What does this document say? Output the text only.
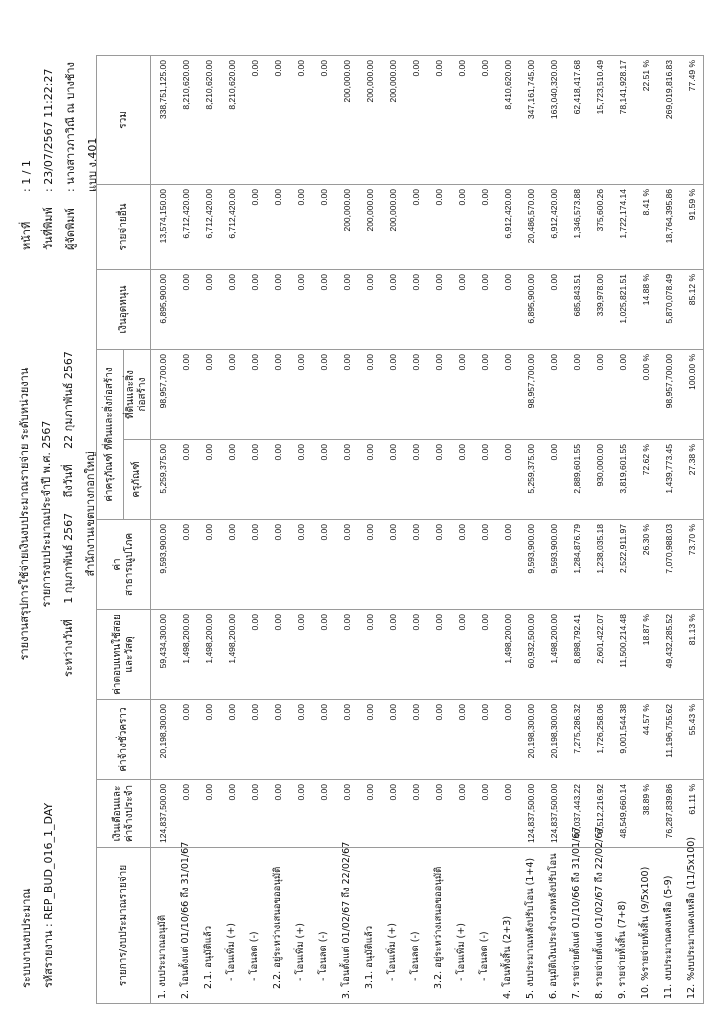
ระบบงานงบประมาณ รหัสรายงาน : REP_BUD_016_1_DAY
รายงานสรุปการใช้จ่ายเงินงบประมาณรายจ่าย ระดับหน่วยงาน รายการงบประมาณประจำปี พ.ศ. 2567
ระหว่างวันที่ 1 กุมภาพันธ์ 2567 ถึงวันที่ 22 กุมภาพันธ์ 2567
สำนักงานเขตบางกอกใหญ่
หน้าที่
: 1 / 1
วันที่พิมพ์
: 23/07/2567 11:22:27
ผู้จัดพิมพ์
: นางสาวภาวิณี ณ บางช้าง แบบ ง.401
รายการ/งบประมาณรายจ่าย	เงินเดือนและค่าจ้างประจำ	ค่าจ้างชั่วคราว	ค่าตอบแทนใช้สอยและวัสดุ	ค่า สาธารณูปโภค	ค่าครุภัณฑ์ ที่ดินและสิ่งก่อสร้าง		เงินอุดหนุน	รายจ่ายอื่น	รวม
					ครุภัณฑ์	ที่ดินและสิ่งก่อสร้าง			
1. งบประมาณอนุมัติ	124,837,500.00	20,198,300.00	59,434,300.00	9,593,900.00	5,259,375.00	98,957,700.00	6,895,900.00	13,574,150.00	338,751,125.00
2. โอนตั้งแต่ 01/10/66 ถึง 31/01/67	0.00	0.00	1,498,200.00	0.00	0.00	0.00	0.00	6,712,420.00	8,210,620.00
2.1. อนุมัติแล้ว	0.00	0.00	1,498,200.00	0.00	0.00	0.00	0.00	6,712,420.00	8,210,620.00
- โอนเพิ่ม (+)	0.00	0.00	1,498,200.00	0.00	0.00	0.00	0.00	6,712,420.00	8,210,620.00
- โอนลด (-)	0.00	0.00	0.00	0.00	0.00	0.00	0.00	0.00	0.00
2.2. อยู่ระหว่างเสนอขออนุมัติ	0.00	0.00	0.00	0.00	0.00	0.00	0.00	0.00	0.00
- โอนเพิ่ม (+)	0.00	0.00	0.00	0.00	0.00	0.00	0.00	0.00	0.00
- โอนลด (-)	0.00	0.00	0.00	0.00	0.00	0.00	0.00	0.00	0.00
3. โอนตั้งแต่ 01/02/67 ถึง 22/02/67	0.00	0.00	0.00	0.00	0.00	0.00	0.00	200,000.00	200,000.00
3.1. อนุมัติแล้ว	0.00	0.00	0.00	0.00	0.00	0.00	0.00	200,000.00	200,000.00
- โอนเพิ่ม (+)	0.00	0.00	0.00	0.00	0.00	0.00	0.00	200,000.00	200,000.00
- โอนลด (-)	0.00	0.00	0.00	0.00	0.00	0.00	0.00	0.00	0.00
3.2. อยู่ระหว่างเสนอขออนุมัติ	0.00	0.00	0.00	0.00	0.00	0.00	0.00	0.00	0.00
- โอนเพิ่ม (+)	0.00	0.00	0.00	0.00	0.00	0.00	0.00	0.00	0.00
- โอนลด (-)	0.00	0.00	0.00	0.00	0.00	0.00	0.00	0.00	0.00
4. โอนทั้งสิ้น (2+3)	0.00	0.00	1,498,200.00	0.00	0.00	0.00	0.00	6,912,420.00	8,410,620.00
5. งบประมาณหลังปรับโอน (1+4)	124,837,500.00	20,198,300.00	60,932,500.00	9,593,900.00	5,259,375.00	98,957,700.00	6,895,900.00	20,486,570.00	347,161,745.00
6. อนุมัติเงินประจำงวดหลังปรับโอน	124,837,500.00	20,198,300.00	1,498,200.00	9,593,900.00	0.00	0.00	0.00	6,912,420.00	163,040,320.00
7. รายจ่ายตั้งแต่ 01/10/66 ถึง 31/01/67	40,037,443.22	7,275,286.32	8,898,792.41	1,284,876.79	2,889,601.55	0.00	685,843.51	1,346,573.88	62,418,417.68
8. รายจ่ายตั้งแต่ 01/02/67 ถึง 22/02/67	8,512,216.92	1,726,258.06	2,601,422.07	1,238,035.18	930,000.00	0.00	339,978.00	375,600.26	15,723,510.49
9. รายจ่ายทั้งสิ้น (7+8)	48,549,660.14	9,001,544.38	11,500,214.48	2,522,911.97	3,819,601.55	0.00	1,025,821.51	1,722,174.14	78,141,928.17
10. %รายจ่ายทั้งสิ้น (9/5x100)	38.89 %	44.57 %	18.87 %	26.30 %	72.62 %	0.00 %	14.88 %	8.41 %	22.51 %
11. งบประมาณคงเหลือ (5-9)	76,287,839.86	11,196,755.62	49,432,285.52	7,070,988.03	1,439,773.45	98,957,700.00	5,870,078.49	18,764,395.86	269,019,816.83
12. %งบประมาณคงเหลือ (11/5x100)	61.11 %	55.43 %	81.13 %	73.70 %	27.38 %	100.00 %	85.12 %	91.59 %	77.49 %
